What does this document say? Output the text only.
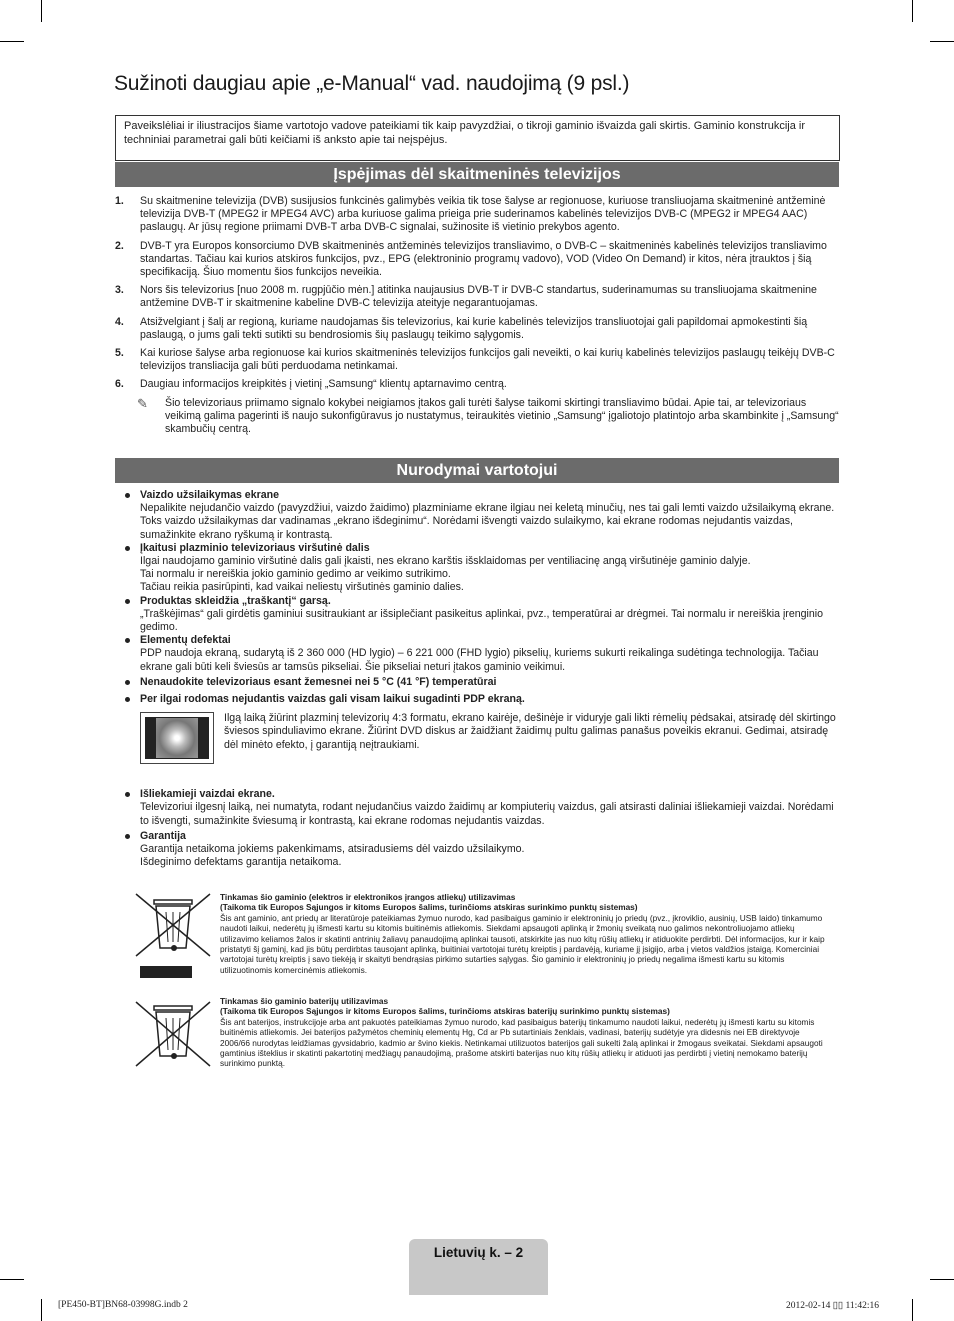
Sužinoti daugiau apie „e-Manual“ vad. naudojimą (9 psl.)
Paveikslėliai ir iliustracijos šiame vartotojo vadove pateikiami tik kaip pavyzdžiai, o tikroji gaminio išvaizda gali skirtis. Gaminio konstrukcija ir techniniai parametrai gali būti keičiami iš anksto apie tai neįspėjus.
Įspėjimas dėl skaitmeninės televizijos
1.	Su skaitmenine televizija (DVB) susijusios funkcinės galimybės veikia tik tose šalyse ar regionuose, kuriuose transliuojama skaitmeninė antžeminė televizija DVB-T (MPEG2 ir MPEG4 AVC) arba kuriuose galima prieiga prie suderinamos kabelinės televizijos DVB-C (MPEG2 ir MPEG4 AAC) paslaugų. Ar jūsų regione priimami DVB-T arba DVB-C signalai, sužinosite iš vietinio prekybos agento.
2.	DVB-T yra Europos konsorciumo DVB skaitmeninės antžeminės televizijos transliavimo, o DVB-C – skaitmeninės kabelinės televizijos transliavimo standartas. Tačiau kai kurios atskiros funkcijos, pvz., EPG (elektroninio programų vadovo), VOD (Video On Demand) ir kitos, nėra įtrauktos į šią specifikaciją. Šiuo momentu šios funkcijos neveikia.
3.	Nors šis televizorius [nuo 2008 m. rugpjūčio mėn.] atitinka naujausius DVB-T ir DVB-C standartus, suderinamumas su transliuojama skaitmenine antžemine DVB-T ir skaitmenine kabeline DVB-C televizija ateityje negarantuojamas.
4.	Atsižvelgiant į šalį ar regioną, kuriame naudojamas šis televizorius, kai kurie kabelinės televizijos transliuotojai gali papildomai apmokestinti šią paslaugą, o jums gali tekti sutikti su bendrosiomis šių paslaugų teikimo sąlygomis.
5.	Kai kuriose šalyse arba regionuose kai kurios skaitmeninės televizijos funkcijos gali neveikti, o kai kurių kabelinės televizijos paslaugų teikėjų DVB-C televizijos transliacija gali būti perduodama netinkamai.
6.	Daugiau informacijos kreipkitės į vietinį „Samsung“ klientų aptarnavimo centrą.
✎	Šio televizoriaus priimamo signalo kokybei neigiamos įtakos gali turėti šalyse taikomi skirtingi transliavimo būdai. Apie tai, ar televizoriaus veikimą galima pagerinti iš naujo sukonfigūravus jo nustatymus, teiraukitės vietinio „Samsung“ įgaliotojo platintojo arba skambinkite į „Samsung“ skambučių centrą.
Nurodymai vartotojui
Vaizdo užsilaikymas ekrane
Nepalikite nejudančio vaizdo (pavyzdžiui, vaizdo žaidimo) plazminiame ekrane ilgiau nei keletą minučių, nes tai gali lemti vaizdo užsilaikymą ekrane. Toks vaizdo užsilaikymas dar vadinamas „ekrano išdeginimu“. Norėdami išvengti vaizdo sulaikymo, kai ekrane rodomas nejudantis vaizdas, sumažinkite ekrano ryškumą ir kontrastą.
Įkaitusi plazminio televizoriaus viršutinė dalis
Ilgai naudojamo gaminio viršutinė dalis gali įkaisti, nes ekrano karštis išsklaidomas per ventiliacinę angą viršutinėje gaminio dalyje.
Tai normalu ir nereiškia jokio gaminio gedimo ar veikimo sutrikimo.
Tačiau reikia pasirūpinti, kad vaikai neliestų viršutinės gaminio dalies.
Produktas skleidžia „traškantį“ garsą.
„Traškėjimas“ gali girdėtis gaminiui susitraukiant ar išsiplečiant pasikeitus aplinkai, pvz., temperatūrai ar drėgmei. Tai normalu ir nereiškia įrenginio gedimo.
Elementų defektai
PDP naudoja ekraną, sudarytą iš 2 360 000 (HD lygio) – 6 221 000 (FHD lygio) pikselių, kuriems sukurti reikalinga sudėtinga technologija. Tačiau ekrane gali būti keli šviesūs ar tamsūs pikseliai. Šie pikseliai neturi įtakos gaminio veikimui.
Nenaudokite televizoriaus esant žemesnei nei 5 °C (41 °F) temperatūrai
Per ilgai rodomas nejudantis vaizdas gali visam laikui sugadinti PDP ekraną.
Ilgą laiką žiūrint plazminį televizorių 4:3 formatu, ekrano kairėje, dešinėje ir viduryje gali likti rėmelių pėdsakai, atsiradę dėl skirtingo šviesos spinduliavimo ekrane. Žiūrint DVD diskus ar žaidžiant žaidimų pultu galimas panašus poveikis ekranui. Gedimai, atsiradę dėl minėto efekto, į garantiją neįtraukiami.
Išliekamieji vaizdai ekrane.
Televizoriui ilgesnį laiką, nei numatyta, rodant nejudančius vaizdo žaidimų ar kompiuterių vaizdus, gali atsirasti daliniai išliekamieji vaizdai. Norėdami to išvengti, sumažinkite šviesumą ir kontrastą, kai ekrane rodomas nejudantis vaizdas.
Garantija
Garantija netaikoma jokiems pakenkimams, atsiradusiems dėl vaizdo užsilaikymo.
Išdeginimo defektams garantija netaikoma.
Tinkamas šio gaminio (elektros ir elektronikos įrangos atliekų) utilizavimas
(Taikoma tik Europos Sąjungos ir kitoms Europos šalims, turinčioms atskiras surinkimo punktų sistemas)
Šis ant gaminio, ant priedų ar literatūroje pateikiamas žymuo nurodo, kad pasibaigus gaminio ir elektroninių jo priedų (pvz., įkroviklio, ausinių, USB laido) tinkamumo naudoti laikui, nederėtų jų išmesti kartu su kitomis buitinėmis atliekomis. Siekdami apsaugoti aplinką ir žmonių sveikatą nuo galimos nekontroliuojamo atliekų utilizavimo keliamos žalos ir skatinti antrinių žaliavų panaudojimą aplinkai tausoti, atskirkite jas nuo kitų rūšių atliekų ir atiduokite perdirbti. Dėl informacijos, kur ir kaip pristatyti šį gaminį, kad jis būtų perdirbtas tausojant aplinką, buitiniai vartotojai turėtų kreiptis į pardavėją, kuriame jį įsigijo, arba į vietos valdžios įstaigą. Komerciniai vartotojai turėtų kreiptis į savo tiekėją ir skaityti bendrąsias pirkimo sutarties sąlygas. Šio gaminio ir elektroninių jo priedų negalima išmesti kartu su kitomis utilizuotinomis komercinėmis atliekomis.
Tinkamas šio gaminio baterijų utilizavimas
(Taikoma tik Europos Sąjungos ir kitoms Europos šalims, turinčioms atskiras baterijų surinkimo punktų sistemas)
Šis ant baterijos, instrukcijoje arba ant pakuotės pateikiamas žymuo nurodo, kad pasibaigus baterijų tinkamumo naudoti laikui, nederėtų jų išmesti kartu su kitomis buitinėmis atliekomis. Jei baterijos pažymėtos cheminių elementų Hg, Cd ar Pb sutartiniais ženklais, vadinasi, baterijų sudėtyje yra didesnis nei EB direktyvoje 2006/66 nurodytas leidžiamas gyvsidabrio, kadmio ar švino kiekis. Netinkamai utilizuotos baterijos gali sukelti žalą aplinkai ir žmogaus sveikatai. Siekdami apsaugoti gamtinius išteklius ir skatinti pakartotinį medžiagų panaudojimą, prašome atskirti baterijas nuo kitų rūšių atliekų ir atiduoti jas perdirbti į vietinį nemokamo baterijų surinkimo punktą.
Lietuvių k. – 2
[PE450-BT]BN68-03998G.indb 2	2012-02-14 ▯▯ 11:42:16
